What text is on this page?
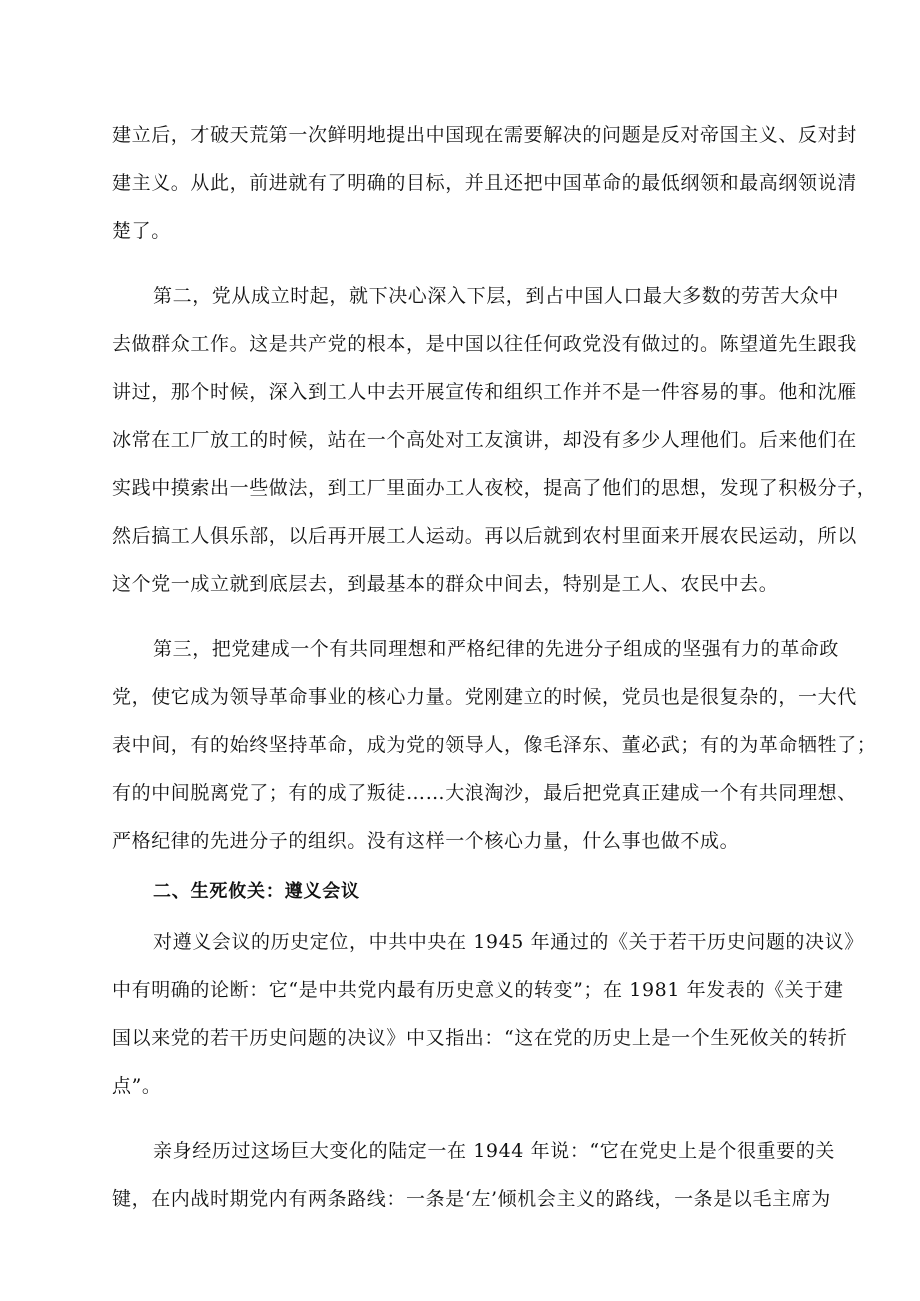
建立后，才破天荒第一次鲜明地提出中国现在需要解决的问题是反对帝国主义、反对封
建主义。从此，前进就有了明确的目标，并且还把中国革命的最低纲领和最高纲领说清
楚了。
第二，党从成立时起，就下决心深入下层，到占中国人口最大多数的劳苦大众中
去做群众工作。这是共产党的根本，是中国以往任何政党没有做过的。陈望道先生跟我
讲过，那个时候，深入到工人中去开展宣传和组织工作并不是一件容易的事。他和沈雁
冰常在工厂放工的时候，站在一个高处对工友演讲，却没有多少人理他们。后来他们在
实践中摸索出一些做法，到工厂里面办工人夜校，提高了他们的思想，发现了积极分子，
然后搞工人俱乐部，以后再开展工人运动。再以后就到农村里面来开展农民运动，所以
这个党一成立就到底层去，到最基本的群众中间去，特别是工人、农民中去。
第三，把党建成一个有共同理想和严格纪律的先进分子组成的坚强有力的革命政
党，使它成为领导革命事业的核心力量。党刚建立的时候，党员也是很复杂的，一大代
表中间，有的始终坚持革命，成为党的领导人，像毛泽东、董必武；有的为革命牺牲了；
有的中间脱离党了；有的成了叛徒……大浪淘沙，最后把党真正建成一个有共同理想、
严格纪律的先进分子的组织。没有这样一个核心力量，什么事也做不成。
二、生死攸关：遵义会议
对遵义会议的历史定位，中共中央在 1945 年通过的《关于若干历史问题的决议》
中有明确的论断：它“是中共党内最有历史意义的转变”；在 1981 年发表的《关于建
国以来党的若干历史问题的决议》中又指出：“这在党的历史上是一个生死攸关的转折
点”。
亲身经历过这场巨大变化的陆定一在 1944 年说：“它在党史上是个很重要的关
键，在内战时期党内有两条路线：一条是‘左’倾机会主义的路线，一条是以毛主席为
